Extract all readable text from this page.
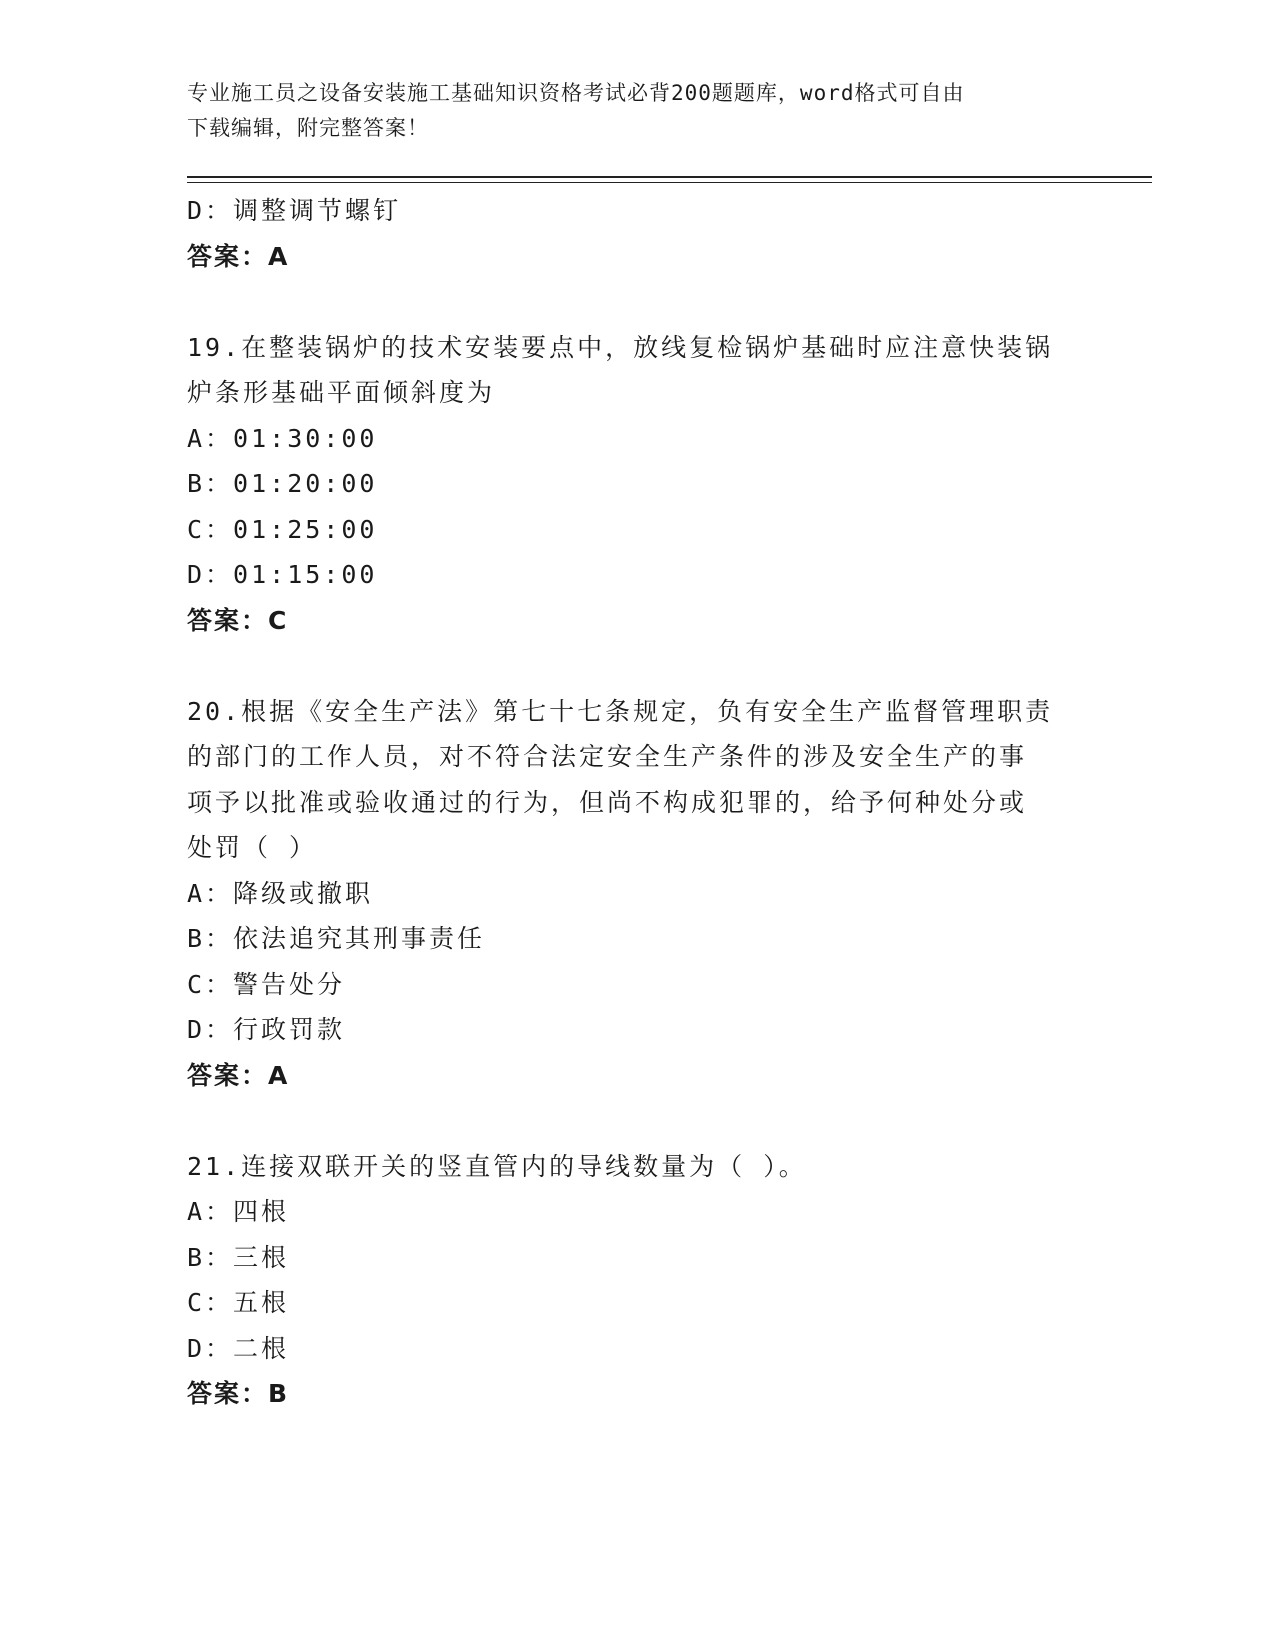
专业施工员之设备安装施工基础知识资格考试必背200题题库，word格式可自由
下载编辑，附完整答案！
D：调整调节螺钉
答案：A
19.在整装锅炉的技术安装要点中，放线复检锅炉基础时应注意快装锅
炉条形基础平面倾斜度为
A：01:30:00
B：01:20:00
C：01:25:00
D：01:15:00
答案：C
20.根据《安全生产法》第七十七条规定，负有安全生产监督管理职责
的部门的工作人员，对不符合法定安全生产条件的涉及安全生产的事
项予以批准或验收通过的行为，但尚不构成犯罪的，给予何种处分或
处罚（ ）
A：降级或撤职
B：依法追究其刑事责任
C：警告处分
D：行政罚款
答案：A
21.连接双联开关的竖直管内的导线数量为（ ）。
A：四根
B：三根
C：五根
D：二根
答案：B
